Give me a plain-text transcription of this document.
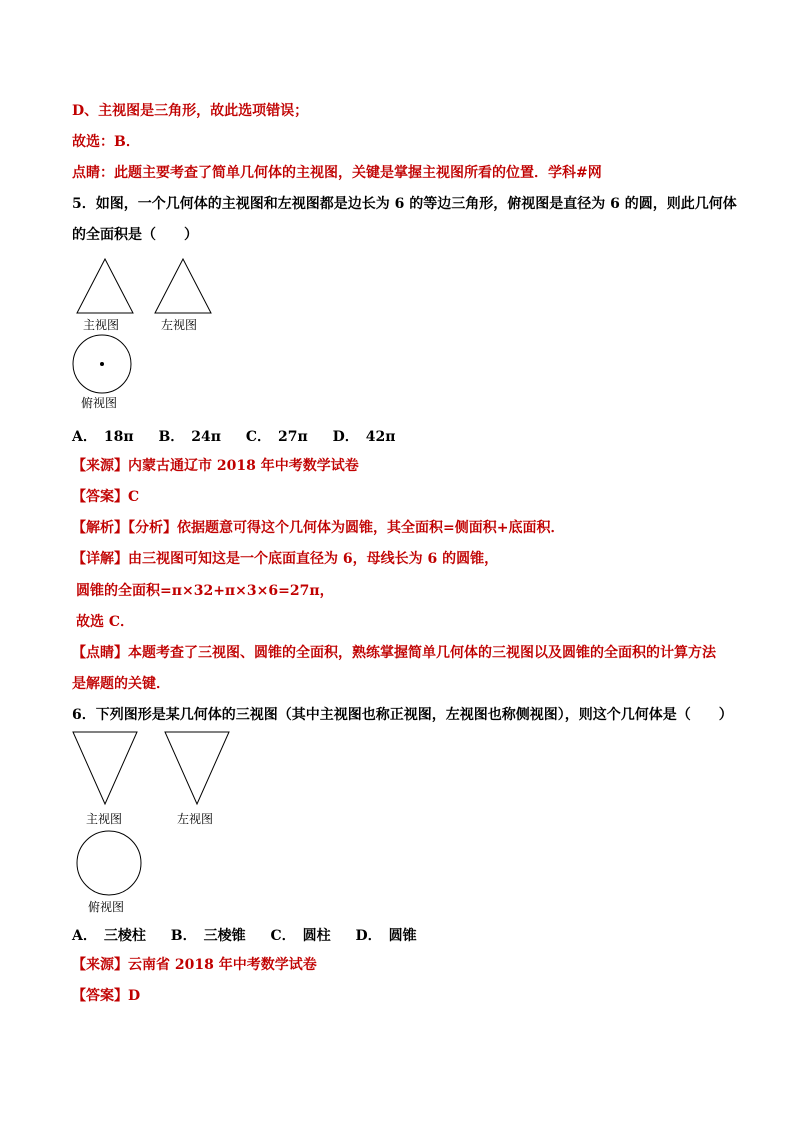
D、主视图是三角形，故此选项错误；
故选：B．
点睛：此题主要考查了简单几何体的主视图，关键是掌握主视图所看的位置．学科#网
5．如图，一个几何体的主视图和左视图都是边长为 6 的等边三角形，俯视图是直径为 6 的圆，则此几何体
的全面积是（　　）
主视图	左视图
俯视图
A．　18π B．　24π C．　27π D．　42π
【来源】内蒙古通辽市 2018 年中考数学试卷
【答案】C
【解析】【分析】依据题意可得这个几何体为圆锥，其全面积=侧面积+底面积．
【详解】由三视图可知这是一个底面直径为 6，母线长为 6 的圆锥，
圆锥的全面积=π×32+π×3×6=27π，
故选 C．
【点睛】本题考查了三视图、圆锥的全面积，熟练掌握简单几何体的三视图以及圆锥的全面积的计算方法
是解题的关键．
6．下列图形是某几何体的三视图（其中主视图也称正视图，左视图也称侧视图），则这个几何体是（　　）
主视图	左视图
俯视图
A．　三棱柱 B．　三棱锥 C．　圆柱 D．　圆锥
【来源】云南省 2018 年中考数学试卷
【答案】D
